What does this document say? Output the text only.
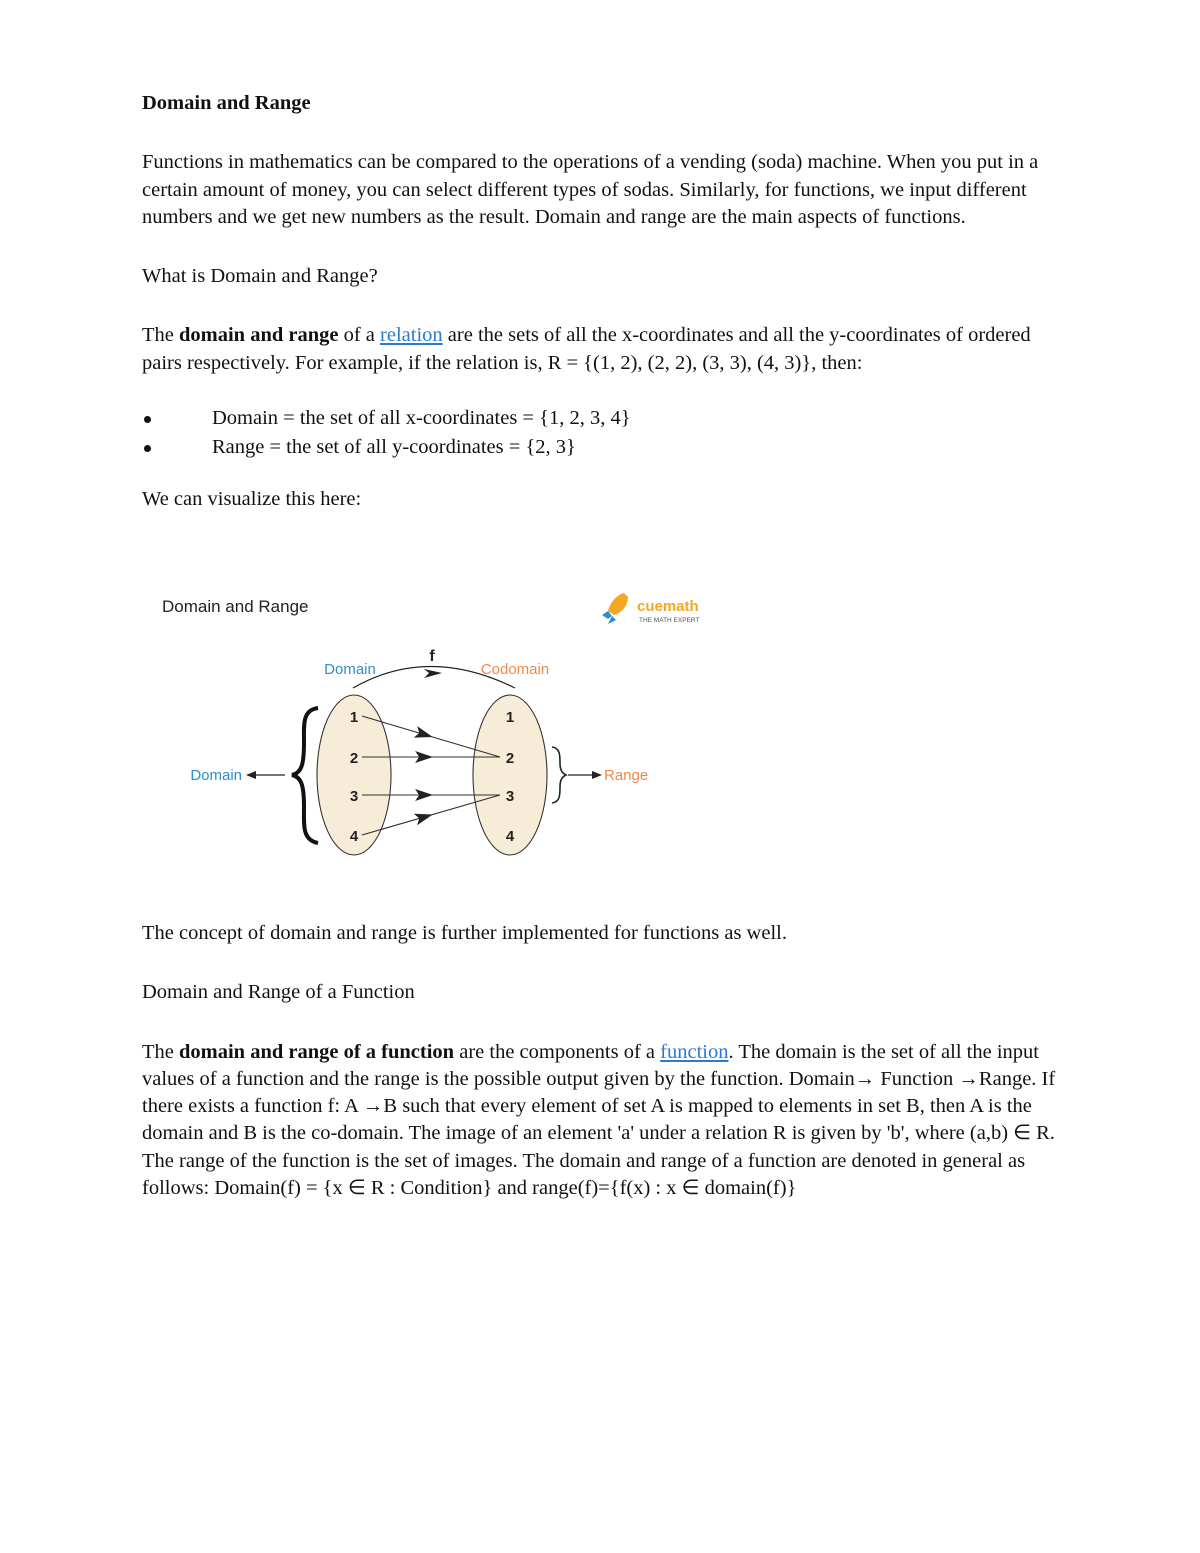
Domain and Range

Functions in mathematics can be compared to the operations of a vending (soda) machine. When you put in a certain amount of money, you can select different types of sodas. Similarly, for functions, we input different numbers and we get new numbers as the result. Domain and range are the main aspects of functions.

What is Domain and Range?

The domain and range of a relation are the sets of all the x-coordinates and all the y-coordinates of ordered pairs respectively. For example, if the relation is, R = {(1, 2), (2, 2), (3, 3), (4, 3)}, then:

Domain = the set of all x-coordinates = {1, 2, 3, 4}
Range = the set of all y-coordinates = {2, 3}

We can visualize this here:

Domain and Range	cuemath
THE MATH EXPERT
f
Domain	Codomain
Domain	Range
1
2
3
4
1
2
3
4

The concept of domain and range is further implemented for functions as well.

Domain and Range of a Function

The domain and range of a function are the components of a function. The domain is the set of all the input values of a function and the range is the possible output given by the function. Domain→ Function →Range. If there exists a function f: A →B such that every element of set A is mapped to elements in set B, then A is the domain and B is the co-domain. The image of an element 'a' under a relation R is given by 'b', where (a,b) ∈ R. The range of the function is the set of images. The domain and range of a function are denoted in general as follows: Domain(f) = {x ∈ R : Condition} and range(f)={f(x) : x ∈ domain(f)}
